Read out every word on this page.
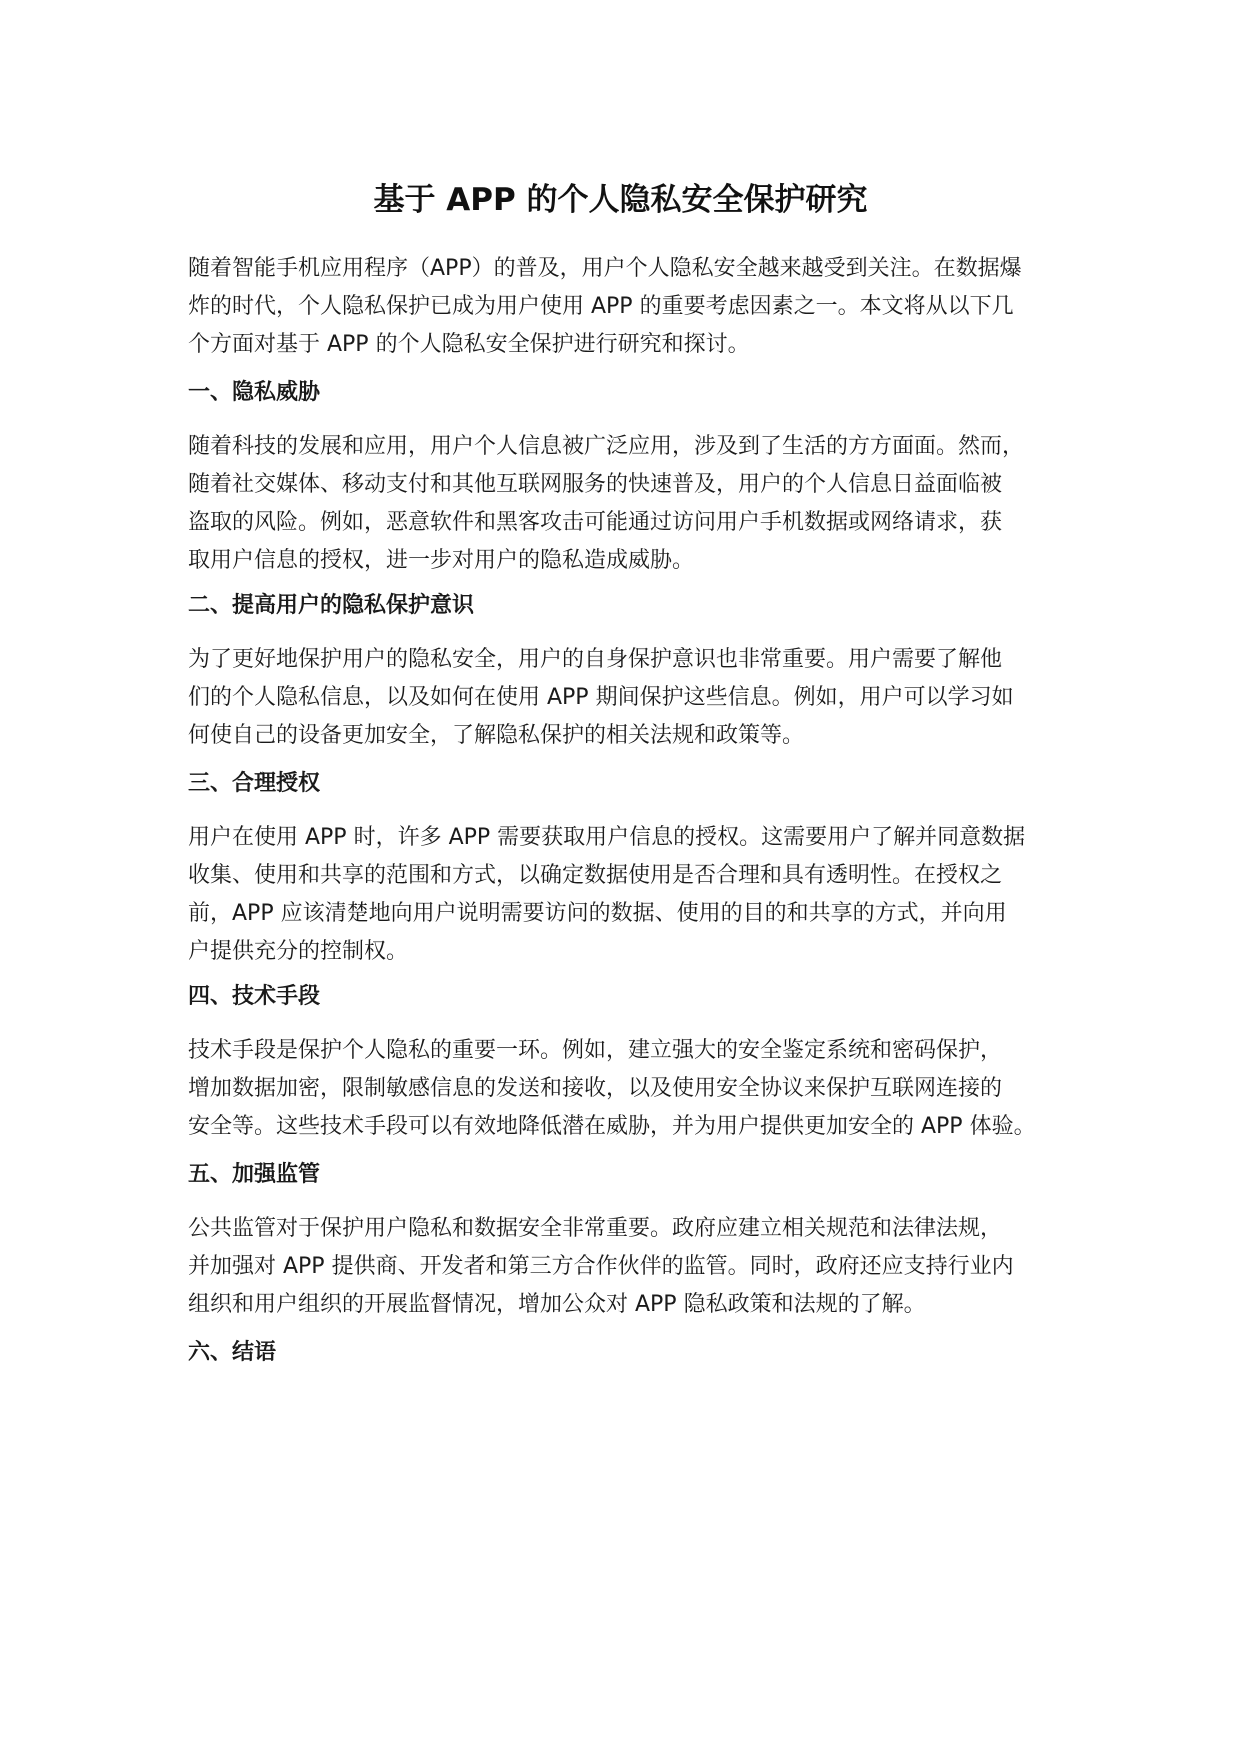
基于 APP 的个人隐私安全保护研究

随着智能手机应用程序（APP）的普及，用户个人隐私安全越来越受到关注。在数据爆
炸的时代，个人隐私保护已成为用户使用 APP 的重要考虑因素之一。本文将从以下几
个方面对基于 APP 的个人隐私安全保护进行研究和探讨。

一、隐私威胁

随着科技的发展和应用，用户个人信息被广泛应用，涉及到了生活的方方面面。然而，
随着社交媒体、移动支付和其他互联网服务的快速普及，用户的个人信息日益面临被
盗取的风险。例如，恶意软件和黑客攻击可能通过访问用户手机数据或网络请求，获
取用户信息的授权，进一步对用户的隐私造成威胁。

二、提高用户的隐私保护意识

为了更好地保护用户的隐私安全，用户的自身保护意识也非常重要。用户需要了解他
们的个人隐私信息，以及如何在使用 APP 期间保护这些信息。例如，用户可以学习如
何使自己的设备更加安全，了解隐私保护的相关法规和政策等。

三、合理授权

用户在使用 APP 时，许多 APP 需要获取用户信息的授权。这需要用户了解并同意数据
收集、使用和共享的范围和方式，以确定数据使用是否合理和具有透明性。在授权之
前，APP 应该清楚地向用户说明需要访问的数据、使用的目的和共享的方式，并向用
户提供充分的控制权。

四、技术手段

技术手段是保护个人隐私的重要一环。例如，建立强大的安全鉴定系统和密码保护，
增加数据加密，限制敏感信息的发送和接收，以及使用安全协议来保护互联网连接的
安全等。这些技术手段可以有效地降低潜在威胁，并为用户提供更加安全的 APP 体验。

五、加强监管

公共监管对于保护用户隐私和数据安全非常重要。政府应建立相关规范和法律法规，
并加强对 APP 提供商、开发者和第三方合作伙伴的监管。同时，政府还应支持行业内
组织和用户组织的开展监督情况，增加公众对 APP 隐私政策和法规的了解。

六、结语
